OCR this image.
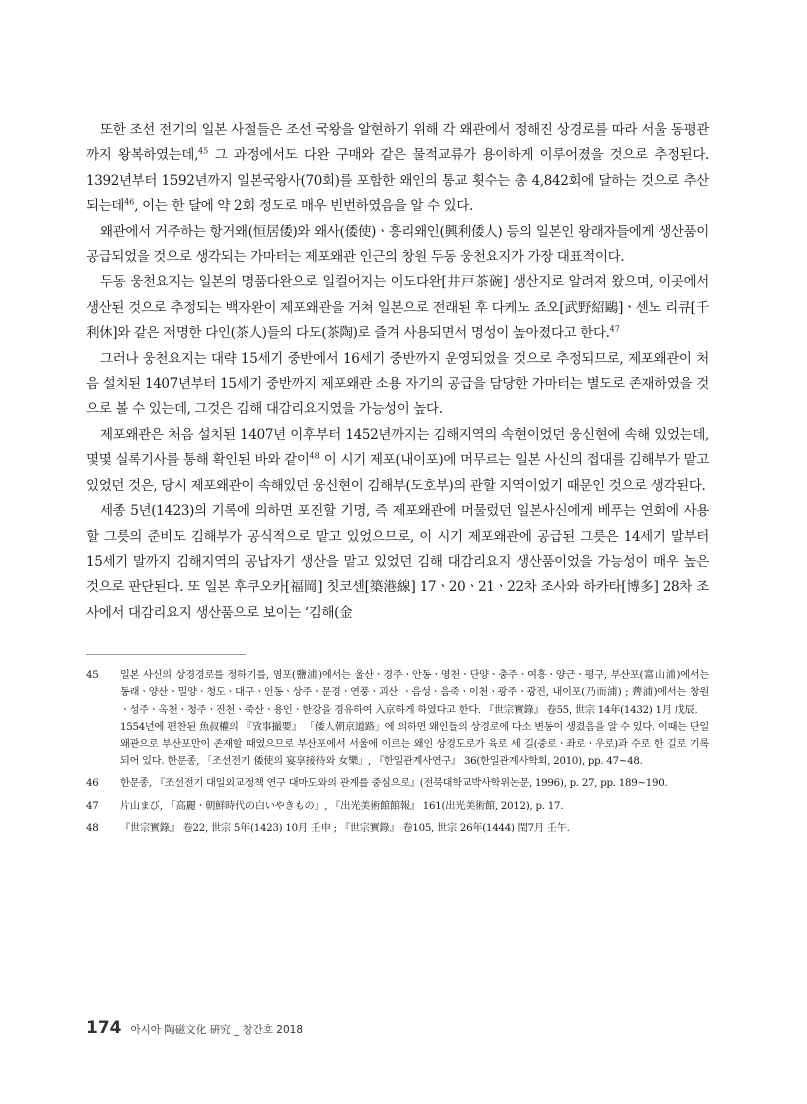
또한 조선 전기의 일본 사절들은 조선 국왕을 알현하기 위해 각 왜관에서 정해진 상경로를 따라 서울 동평관까지 왕복하였는데,$^{45}$ 그 과정에서도 다완 구매와 같은 물적교류가 용이하게 이루어졌을 것으로 추정된다. 1392년부터 1592년까지 일본국왕사(70회)를 포함한 왜인의 통교 횟수는 총 4,842회에 달하는 것으로 추산되는데$^{46}$, 이는 한 달에 약 2회 정도로 매우 빈번하였음을 알 수 있다.

왜관에서 거주하는 항거왜(恒居倭)와 왜사(倭使)ㆍ흥리왜인(興利倭人) 등의 일본인 왕래자들에게 생산품이 공급되었을 것으로 생각되는 가마터는 제포왜관 인근의 창원 두동 웅천요지가 가장 대표적이다.

두동 웅천요지는 일본의 명품다완으로 일컬어지는 이도다완[井戸茶碗] 생산지로 알려져 왔으며, 이곳에서 생산된 것으로 추정되는 백자완이 제포왜관을 거쳐 일본으로 전래된 후 다케노 죠오[武野紹鷗]ㆍ센노 리큐[千利休]와 같은 저명한 다인(茶人)들의 다도(茶陶)로 즐겨 사용되면서 명성이 높아졌다고 한다.$^{47}$

그러나 웅천요지는 대략 15세기 중반에서 16세기 중반까지 운영되었을 것으로 추정되므로, 제포왜관이 처음 설치된 1407년부터 15세기 중반까지 제포왜관 소용 자기의 공급을 담당한 가마터는 별도로 존재하였을 것으로 볼 수 있는데, 그것은 김해 대감리요지였을 가능성이 높다.

제포왜관은 처음 설치된 1407년 이후부터 1452년까지는 김해지역의 속현이었던 웅신현에 속해 있었는데, 몇몇 실록기사를 통해 확인된 바와 같이$^{48}$ 이 시기 제포(내이포)에 머무르는 일본 사신의 접대를 김해부가 맡고 있었던 것은, 당시 제포왜관이 속해있던 웅신현이 김해부(도호부)의 관할 지역이었기 때문인 것으로 생각된다.

세종 5년(1423)의 기록에 의하면 포진할 기명, 즉 제포왜관에 머물렀던 일본사신에게 베푸는 연회에 사용할 그릇의 준비도 김해부가 공식적으로 맡고 있었으므로, 이 시기 제포왜관에 공급된 그릇은 14세기 말부터 15세기 말까지 김해지역의 공납자기 생산을 맡고 있었던 김해 대감리요지 생산품이었을 가능성이 매우 높은 것으로 판단된다. 또 일본 후쿠오카[福岡] 칫코센[築港線] 17ㆍ20ㆍ21ㆍ22차 조사와 하카타[博多] 28차 조사에서 대감리요지 생산품으로 보이는 ‘김해(金

45	일본 사신의 상경경로를 정하기를, 염포(鹽浦)에서는 울산ㆍ경주ㆍ안동ㆍ영천ㆍ단양ㆍ충주ㆍ여흥ㆍ양근ㆍ평구, 부산포(富山浦)에서는 동래ㆍ양산ㆍ밀양ㆍ청도ㆍ대구ㆍ인동ㆍ상주ㆍ문경ㆍ연풍ㆍ괴산 ㆍ음성ㆍ음죽ㆍ이천ㆍ광주ㆍ광진, 내이포(乃而浦) ; 薺浦)에서는 창원ㆍ성주ㆍ옥천ㆍ청주ㆍ진천ㆍ죽산ㆍ용인ㆍ한강을 경유하여 入京하게 하였다고 한다. 『世宗實錄』 卷55, 世宗 14年(1432) 1月 戊辰.
1554년에 편찬된 魚叔權의 『攷事撮要』 「倭人朝京道路」에 의하면 왜인들의 상경로에 다소 변동이 생겼음을 알 수 있다. 이때는 단일왜관으로 부산포만이 존재할 때였으므로 부산포에서 서울에 이르는 왜인 상경도로가 육로 세 길(중로ㆍ좌로ㆍ우로)과 수로 한 길로 기록되어 있다. 한문종, 「조선전기 倭使의 宴享接待와 女樂」, 『한일관계사연구』 36(한일관계사학회, 2010), pp. 47~48.
46	한문종, 『조선전기 대일외교정책 연구 대마도와의 관계를 중심으로』(전북대학교박사학위논문, 1996), p. 27, pp. 189~190.
47	片山まび, 「高麗ㆍ朝鮮時代の白いやきもの」, 『出光美術館館報』 161(出光美術館, 2012), p. 17.
48	『世宗實錄』 卷22, 世宗 5年(1423) 10月 壬申 ; 『世宗實錄』 卷105, 世宗 26年(1444) 閏7月 壬午.
174 아시아 陶磁文化 硏究 _ 창간호 2018
